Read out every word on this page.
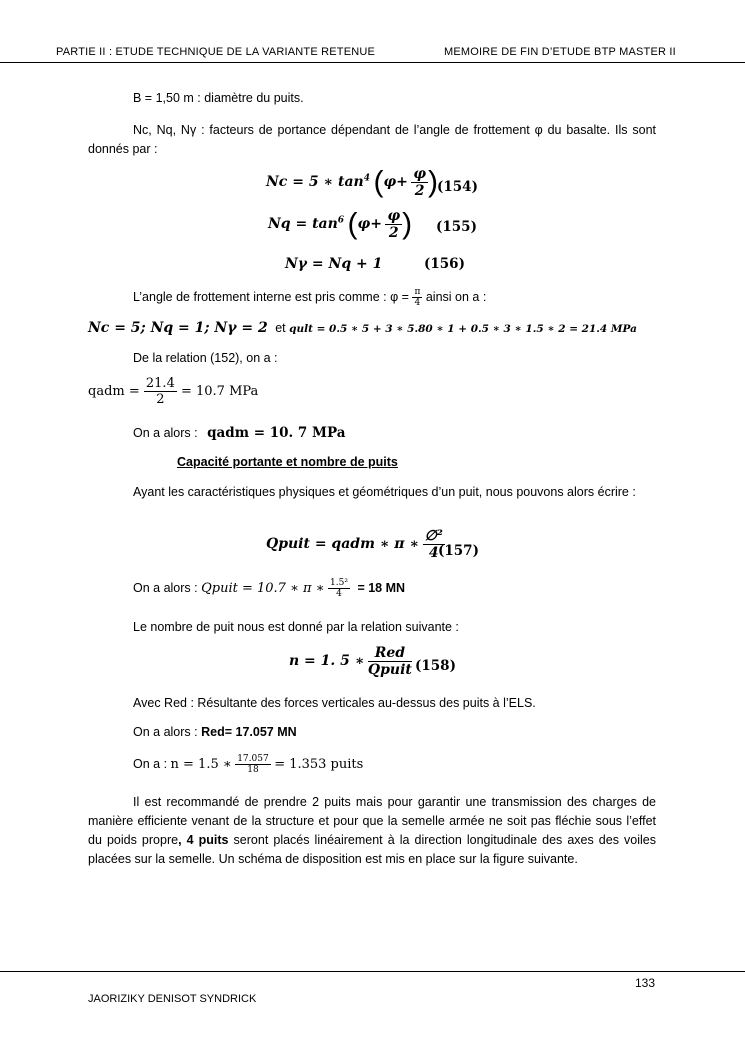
PARTIE II : ETUDE TECHNIQUE DE LA VARIANTE RETENUE	MEMOIRE DE FIN D’ETUDE BTP MASTER II
B = 1,50 m : diamètre du puits.
Nc, Nq, Nγ : facteurs de portance dépendant de l’angle de frottement φ du basalte. Ils sont donnés par :
Nc = 5 ∗ $\tan^4 (\varphi+ \frac{\varphi}{2}$ )
(154)
$Nq = \tan^6 (\varphi+ \frac{\varphi}{2}$ ) (155)
Nγ = Nq + 1	(156)
L’angle de frottement interne est pris comme : $\varphi = \frac{\pi}{4}$ ainsi on a :
Nc = 5; Nq = 1; Nγ = 2 et qult = 0.5 ∗ 5 + 3 ∗ 5.80 ∗ 1 + 0.5 ∗ 3 ∗ 1.5 ∗ 2 = 21.4 MPa
De la relation (152), on a :
qadm = $\frac{21.4}{2} = 10.7$ MPa
On a alors : qadm = 10. 7 MPa
Capacité portante et nombre de puits
Ayant les caractéristiques physiques et géométriques d’un puit, nous pouvons alors écrire :
Qpuit = qadm ∗ π ∗ $\frac{\text{∅²}}{4}$
(157)
On a alors : Qpuit = 10.7 ∗ π ∗ $\frac{\text{1.5²}}{4} = 18$ MN
Le nombre de puit nous est donné par la relation suivante :
n = 1. 5 ∗ $\frac{\text{Red}}{\text{Qpuit}} (158)$
Avec Red : Résultante des forces verticales au-dessus des puits à l’ELS.
On a alors : Red= 17.057 MN
On a : n = 1.5 ∗ $\frac{17.057}{18} = 1.353$ puits
Il est recommandé de prendre 2 puits mais pour garantir une transmission des charges de manière efficiente venant de la structure et pour que la semelle armée ne soit pas fléchie sous l’effet du poids propre, 4 puits seront placés linéairement à la direction longitudinale des axes des voiles placées sur la semelle. Un schéma de disposition est mis en place sur la figure suivante.
133
JAORIZIKY DENISOT SYNDRICK
